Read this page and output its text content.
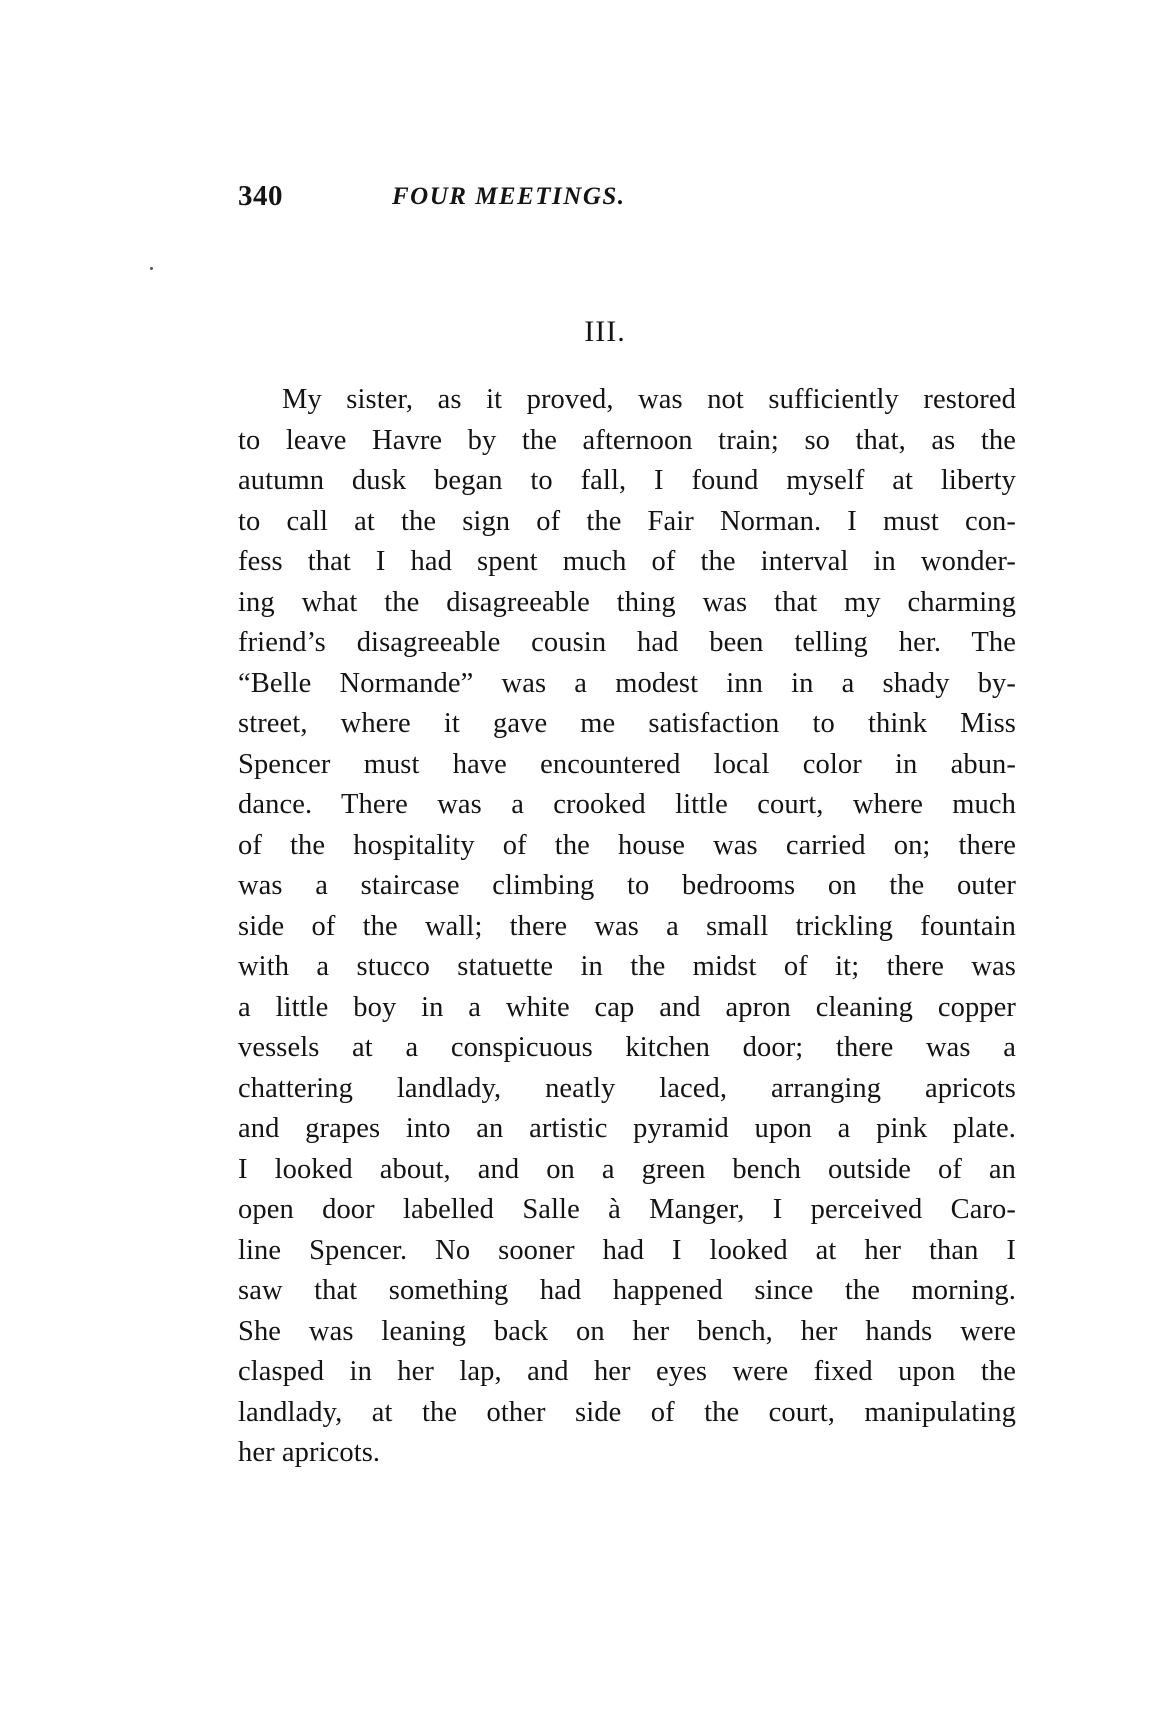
340	FOUR MEETINGS.
III.
My sister, as it proved, was not sufficiently restored
to leave Havre by the afternoon train; so that, as the
autumn dusk began to fall, I found myself at liberty
to call at the sign of the Fair Norman. I must con-
fess that I had spent much of the interval in wonder-
ing what the disagreeable thing was that my charming
friend’s disagreeable cousin had been telling her. The
“Belle Normande” was a modest inn in a shady by-
street, where it gave me satisfaction to think Miss
Spencer must have encountered local color in abun-
dance. There was a crooked little court, where much
of the hospitality of the house was carried on; there
was a staircase climbing to bedrooms on the outer
side of the wall; there was a small trickling fountain
with a stucco statuette in the midst of it; there was
a little boy in a white cap and apron cleaning copper
vessels at a conspicuous kitchen door; there was a
chattering landlady, neatly laced, arranging apricots
and grapes into an artistic pyramid upon a pink plate.
I looked about, and on a green bench outside of an
open door labelled Salle à Manger, I perceived Caro-
line Spencer. No sooner had I looked at her than I
saw that something had happened since the morning.
She was leaning back on her bench, her hands were
clasped in her lap, and her eyes were fixed upon the
landlady, at the other side of the court, manipulating
her apricots.
